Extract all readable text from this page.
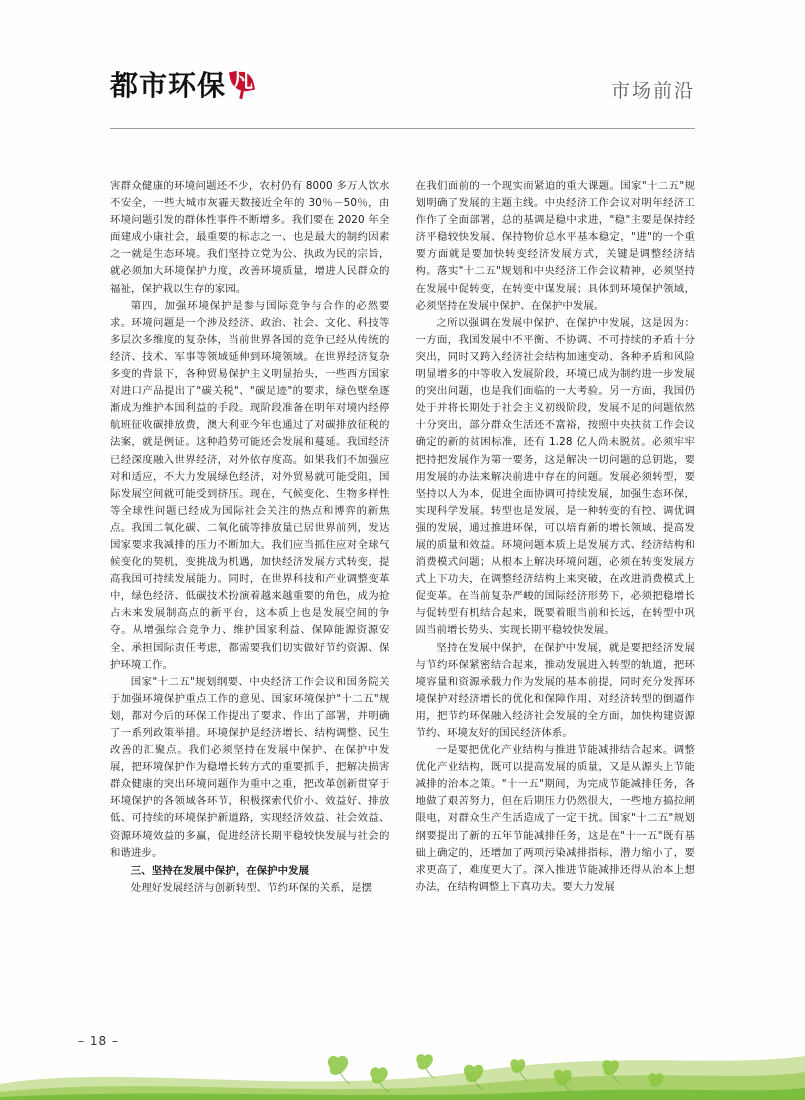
都市环保 凡	市场前沿

害群众健康的环境问题还不少，农村仍有 8000 多万人饮水不安全，一些大城市灰霾天数接近全年的 30％－50％，由环境问题引发的群体性事件不断增多。我们要在 2020 年全面建成小康社会，最重要的标志之一、也是最大的制约因素之一就是生态环境。我们坚持立党为公、执政为民的宗旨，就必须加大环境保护力度，改善环境质量，增进人民群众的福祉，保护栽以生存的家园。

第四，加强环境保护是参与国际竞争与合作的必然要求。环境问题是一个涉及经济、政治、社会、文化、科技等多层次多维度的复杂体，当前世界各国的竞争已经从传统的经济、技术、军事等领域延伸到环境领域。在世界经济复杂多变的背景下，各种贸易保护主义明显抬头，一些西方国家对进口产品提出了"碳关税"、"碳足迹"的要求，绿色壁垒逐渐成为维护本国利益的手段。现阶段准备在明年对境内经停航班征收碳排放费，澳大利亚今年也通过了对碳排放征税的法案，就是例证。这种趋势可能还会发展和蔓延。我国经济已经深度融入世界经济，对外依存度高。如果我们不加强应对和适应，不大力发展绿色经济，对外贸易就可能受阻，国际发展空间就可能受到挤压。现在，气候变化、生物多样性等全球性问题已经成为国际社会关注的热点和博弈的新焦点。我国二氧化碳、二氧化硫等排放量已居世界前列，发达国家要求我减排的压力不断加大。我们应当抓住应对全球气候变化的契机，变挑战为机遇，加快经济发展方式转变，提高我国可持续发展能力。同时，在世界科技和产业调整变革中，绿色经济、低碳技术扮演着越来越重要的角色，成为抢占未来发展制高点的新平台，这本质上也是发展空间的争夺。从增强综合竞争力、维护国家利益、保障能源资源安全、承担国际责任考虑，都需要我们切实做好节约资源、保护环境工作。

国家"十二五"规划纲要、中央经济工作会议和国务院关于加强环境保护重点工作的意见、国家环境保护"十二五"规划，都对今后的环保工作提出了要求、作出了部署，并明确了一系列政策举措。环境保护是经济增长、结构调整、民生改善的汇聚点。我们必须坚持在发展中保护、在保护中发展，把环境保护作为稳增长转方式的重要抓手，把解决损害群众健康的突出环境问题作为重中之重，把改革创新贯穿于环境保护的各领域各环节，积极探索代价小、效益好、排放低、可持续的环境保护新道路，实现经济效益、社会效益、资源环境效益的多赢，促进经济长期平稳较快发展与社会的和谐进步。

三、坚持在发展中保护，在保护中发展

处理好发展经济与创新转型、节约环保的关系，是摆

在我们面前的一个现实而紧迫的重大课题。国家"十二五"规划明确了发展的主题主线。中央经济工作会议对明年经济工作作了全面部署，总的基调是稳中求进，"稳"主要是保持经济平稳较快发展、保持物价总水平基本稳定，"进"的一个重要方面就是要加快转变经济发展方式，关键是调整经济结构。落实"十二五"规划和中央经济工作会议精神，必须坚持在发展中促转变，在转变中谋发展；具体到环境保护领域，必须坚持在发展中保护、在保护中发展。

之所以强调在发展中保护、在保护中发展，这是因为：一方面，我国发展中不平衡、不协调、不可持续的矛盾十分突出，同时又跨入经济社会结构加速变动、各种矛盾和风险明显增多的中等收入发展阶段，环境已成为制约进一步发展的突出问题，也是我们面临的一大考验。另一方面，我国仍处于并将长期处于社会主义初级阶段，发展不足的问题依然十分突出，部分群众生活还不富裕，按照中央扶贫工作会议确定的新的贫困标准，还有 1.28 亿人尚未脱贫。必须牢牢把持把发展作为第一要务，这是解决一切问题的总钥匙，要用发展的办法来解决前进中存在的问题。发展必须转型，要坚持以人为本，促进全面协调可持续发展，加强生态环保，实现科学发展。转型也是发展，是一种转变的有控、调优调强的发展，通过推进环保，可以培育新的增长领域、提高发展的质量和效益。环境问题本质上是发展方式、经济结构和消费模式问题；从根本上解决环境问题，必须在转变发展方式上下功夫，在调整经济结构上来突破，在改进消费模式上促变革。在当前复杂严峻的国际经济形势下，必须把稳增长与促转型有机结合起来，既要着眼当前和长远，在转型中巩固当前增长势头、实现长期平稳较快发展。

坚持在发展中保护，在保护中发展，就是要把经济发展与节约环保紧密结合起来，推动发展进入转型的轨道，把环境容量和资源承载力作为发展的基本前提，同时充分发挥环境保护对经济增长的优化和保障作用、对经济转型的倒逼作用，把节约环保融入经济社会发展的全方面，加快构建资源节约、环境友好的国民经济体系。

一是要把优化产业结构与推进节能减排结合起来。调整优化产业结构，既可以提高发展的质量，又是从源头上节能减排的治本之策。"十一五"期间，为完成节能减排任务，各地做了艰苦努力，但在后期压力仍然很大，一些地方搞拉闸限电，对群众生产生活造成了一定干扰。国家"十二五"规划纲要提出了新的五年节能减排任务，这是在"十一五"既有基础上确定的，还增加了两项污染减排指标，潜力缩小了，要求更高了，难度更大了。深入推进节能减排还得从治本上想办法，在结构调整上下真功夫。要大力发展

– 18 –
